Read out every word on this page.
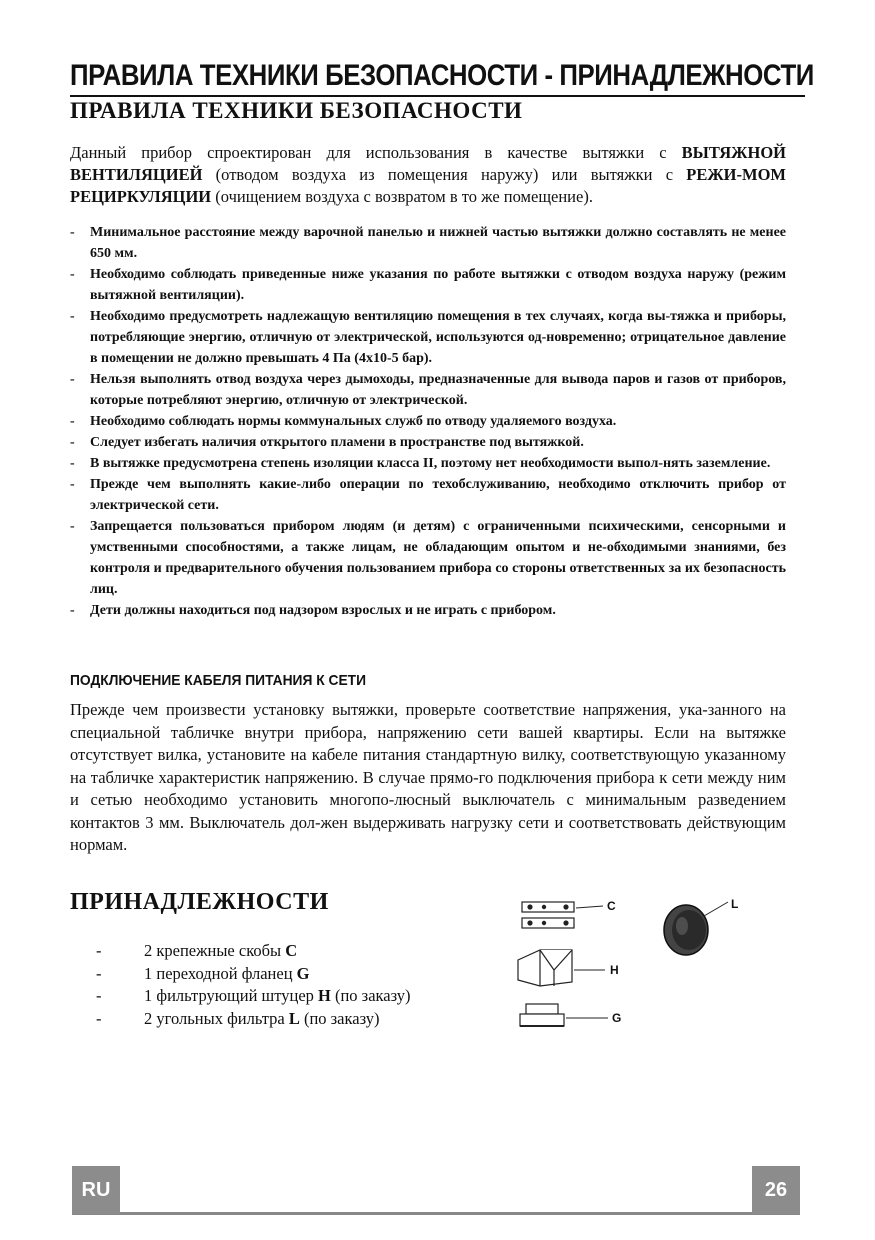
ПРАВИЛА ТЕХНИКИ БЕЗОПАСНОСТИ - ПРИНАДЛЕЖНОСТИ
ПРАВИЛА ТЕХНИКИ БЕЗОПАСНОСТИ

Данный прибор спроектирован для использования в качестве вытяжки с ВЫТЯЖНОЙ ВЕНТИЛЯЦИЕЙ (отводом воздуха из помещения наружу) или вытяжки с РЕЖИ-МОМ РЕЦИРКУЛЯЦИИ (очищением воздуха с возвратом в то же помещение).

- Минимальное расстояние между варочной панелью и нижней частью вытяжки должно составлять не менее 650 мм.
- Необходимо соблюдать приведенные ниже указания по работе вытяжки с отводом воздуха наружу (режим вытяжной вентиляции).
- Необходимо предусмотреть надлежащую вентиляцию помещения в тех случаях, когда вы-тяжка и приборы, потребляющие энергию, отличную от электрической, используются од-новременно; отрицательное давление в помещении не должно превышать 4 Па (4x10-5 бар).
- Нельзя выполнять отвод воздуха через дымоходы, предназначенные для вывода паров и газов от приборов, которые потребляют энергию, отличную от электрической.
- Необходимо соблюдать нормы коммунальных служб по отводу удаляемого воздуха.
- Следует избегать наличия открытого пламени в пространстве под вытяжкой.
- В вытяжке предусмотрена степень изоляции класса II, поэтому нет необходимости выпол-нять заземление.
- Прежде чем выполнять какие-либо операции по техобслуживанию, необходимо отключить прибор от электрической сети.
- Запрещается пользоваться прибором людям (и детям) с ограниченными психическими, сенсорными и умственными способностями, а также лицам, не обладающим опытом и не-обходимыми знаниями, без контроля и предварительного обучения пользованием прибора со стороны ответственных за их безопасность лиц.
- Дети должны находиться под надзором взрослых и не играть с прибором.
ПОДКЛЮЧЕНИЕ КАБЕЛЯ ПИТАНИЯ К СЕТИ

Прежде чем произвести установку вытяжки, проверьте соответствие напряжения, ука-занного на специальной табличке внутри прибора, напряжению сети вашей квартиры. Если на вытяжке отсутствует вилка, установите на кабеле питания стандартную вилку, соответствующую указанному на табличке характеристик напряжению. В случае прямо-го подключения прибора к сети между ним и сетью необходимо установить многопо-люсный выключатель с минимальным разведением контактов 3 мм. Выключатель дол-жен выдерживать нагрузку сети и соответствовать действующим нормам.

ПРИНАДЛЕЖНОСТИ
-	2 крепежные скобы C
-	1 переходной фланец G
-	1 фильтрующий штуцер H (по заказу)
-	2 угольных фильтра L (по заказу)
C	L
H
G
RU	26
